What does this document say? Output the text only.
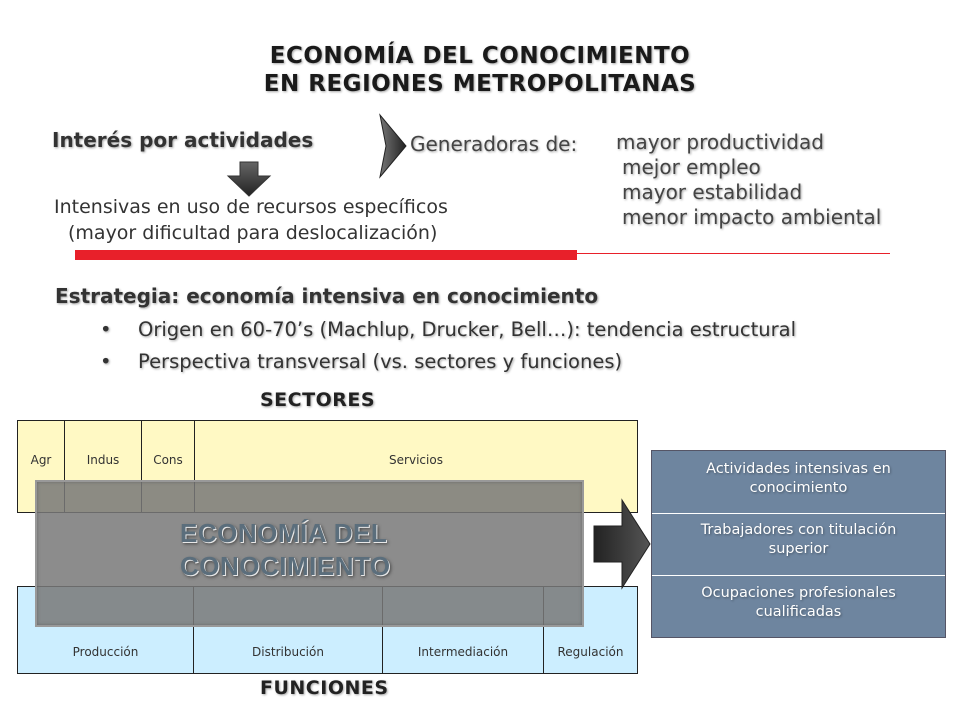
ECONOMÍA DEL CONOCIMIENTO
EN REGIONES METROPOLITANAS
Interés por actividades	Generadoras de: mayor productividad
mejor empleo
mayor estabilidad
menor impacto ambiental
Intensivas en uso de recursos específicos
(mayor dificultad para deslocalización)
Estrategia: economía intensiva en conocimiento
• Origen en 60-70’s (Machlup, Drucker, Bell…): tendencia estructural
• Perspectiva transversal (vs. sectores y funciones)
SECTORES
Agr	Indus	Cons	Servicios
Producción	Distribución	Intermediación	Regulación
ECONOMÍA DEL
CONOCIMIENTO
FUNCIONES
Actividades intensivas en conocimiento
Trabajadores con titulación superior
Ocupaciones profesionales cualificadas
